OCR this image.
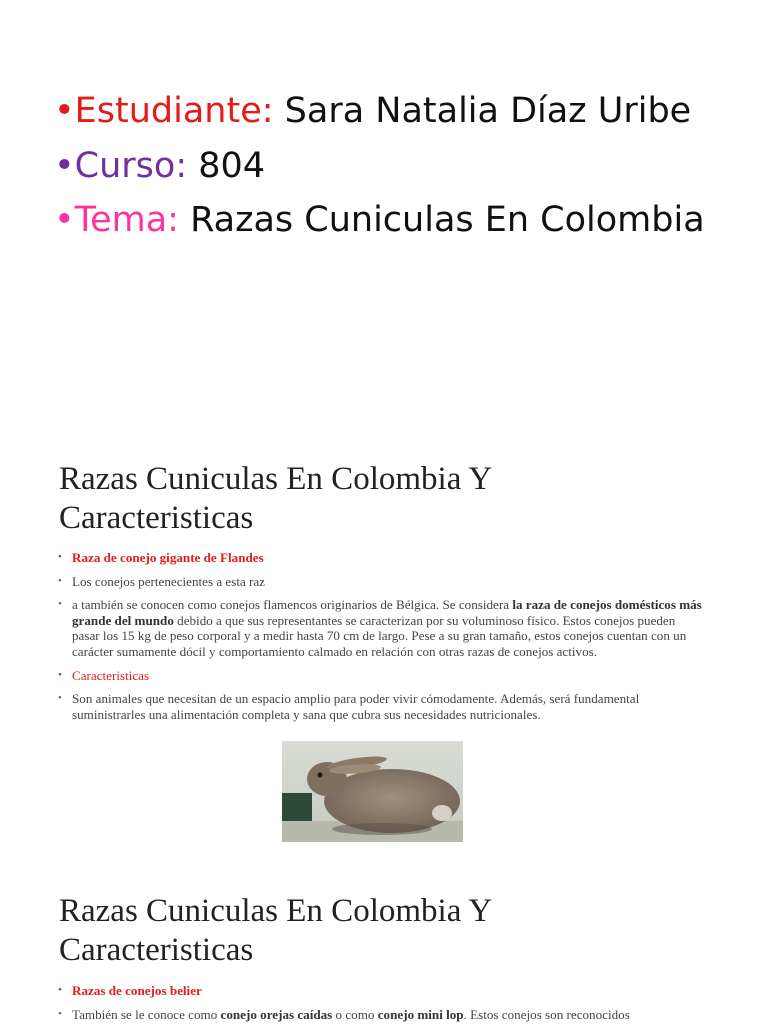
•Estudiante: Sara Natalia Díaz Uribe
•Curso: 804
•Tema: Razas Cuniculas En Colombia
Razas Cuniculas En Colombia Y
Caracteristicas
• Raza de conejo gigante de Flandes
• Los conejos pertenecientes a esta raz
• a también se conocen como conejos flamencos originarios de Bélgica. Se considera la raza de conejos domésticos más grande del mundo debido a que sus representantes se caracterizan por su voluminoso físico. Estos conejos pueden pasar los 15 kg de peso corporal y a medir hasta 70 cm de largo. Pese a su gran tamaño, estos conejos cuentan con un carácter sumamente dócil y comportamiento calmado en relación con otras razas de conejos activos.
• Caracteristicas
• Son animales que necesitan de un espacio amplio para poder vivir cómodamente. Además, será fundamental suministrarles una alimentación completa y sana que cubra sus necesidades nutricionales.
Razas Cuniculas En Colombia Y
Caracteristicas
• Razas de conejos belier
• También se le conoce como conejo orejas caídas o como conejo mini lop. Estos conejos son reconocidos
